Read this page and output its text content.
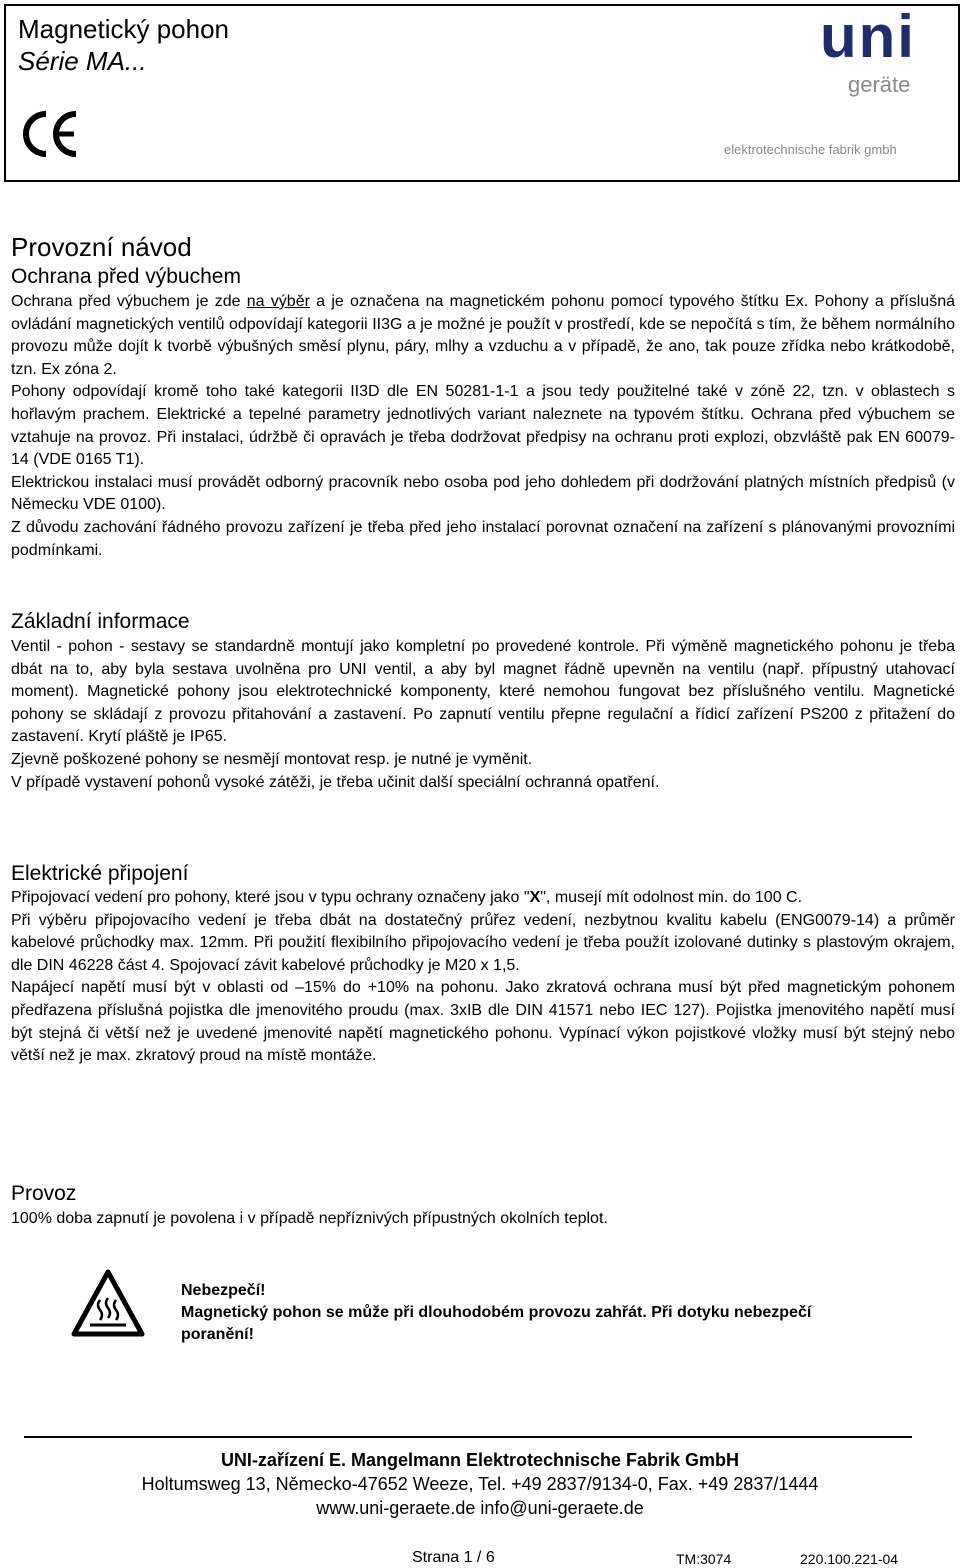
Magnetický pohon
Série MA...	uni
geräte
elektrotechnische fabrik gmbh
Provozní návod
Ochrana před výbuchem

Ochrana před výbuchem je zde na výběr a je označena na magnetickém pohonu pomocí typového štítku Ex. Pohony a příslušná ovládání magnetických ventilů odpovídají kategorii II3G a je možné je použít v prostředí, kde se nepočítá s tím, že během normálního provozu může dojít k tvorbě výbušných směsí plynu, páry, mlhy a vzduchu a v případě, že ano, tak pouze zřídka nebo krátkodobě, tzn. Ex zóna 2.

Pohony odpovídají kromě toho také kategorii II3D dle EN 50281-1-1 a jsou tedy použitelné také v zóně 22, tzn. v oblastech s hořlavým prachem. Elektrické a tepelné parametry jednotlivých variant naleznete na typovém štítku. Ochrana před výbuchem se vztahuje na provoz. Při instalaci, údržbě či opravách je třeba dodržovat předpisy na ochranu proti explozi, obzvláště pak EN 60079-14 (VDE 0165 T1).

Elektrickou instalaci musí provádět odborný pracovník nebo osoba pod jeho dohledem při dodržování platných místních předpisů (v Německu VDE 0100).

Z důvodu zachování řádného provozu zařízení je třeba před jeho instalací porovnat označení na zařízení s plánovanými provozními podmínkami.

Základní informace

Ventil - pohon - sestavy se standardně montují jako kompletní po provedené kontrole. Při výměně magnetického pohonu je třeba dbát na to, aby byla sestava uvolněna pro UNI ventil, a aby byl magnet řádně upevněn na ventilu (např. přípustný utahovací moment). Magnetické pohony jsou elektrotechnické komponenty, které nemohou fungovat bez příslušného ventilu. Magnetické pohony se skládají z provozu přitahování a zastavení. Po zapnutí ventilu přepne regulační a řídicí zařízení PS200 z přitažení do zastavení. Krytí pláště je IP65.

Zjevně poškozené pohony se nesmějí montovat resp. je nutné je vyměnit.

V případě vystavení pohonů vysoké zátěži, je třeba učinit další speciální ochranná opatření.

Elektrické připojení

Připojovací vedení pro pohony, které jsou v typu ochrany označeny jako "X", musejí mít odolnost min. do 100 C.

Při výběru připojovacího vedení je třeba dbát na dostatečný průřez vedení, nezbytnou kvalitu kabelu (ENG0079-14) a průměr kabelové průchodky max. 12mm. Při použití flexibilního připojovacího vedení je třeba použít izolované dutinky s plastovým okrajem, dle DIN 46228 část 4. Spojovací závit kabelové průchodky je M20 x 1,5.

Napájecí napětí musí být v oblasti od –15% do +10% na pohonu. Jako zkratová ochrana musí být před magnetickým pohonem předřazena příslušná pojistka dle jmenovitého proudu (max. 3xIB dle DIN 41571 nebo IEC 127). Pojistka jmenovitého napětí musí být stejná či větší než je uvedené jmenovité napětí magnetického pohonu. Vypínací výkon pojistkové vložky musí být stejný nebo větší než je max. zkratový proud na místě montáže.

Provoz

100% doba zapnutí je povolena i v případě nepříznivých přípustných okolních teplot.

Nebezpečí!
Magnetický pohon se může při dlouhodobém provozu zahřát. Při dotyku nebezpečí poranění!
UNI-zařízení E. Mangelmann Elektrotechnische Fabrik GmbH
Holtumsweg 13, Německo-47652 Weeze, Tel. +49 2837/9134-0, Fax. +49 2837/1444
www.uni-geraete.de info@uni-geraete.de
Strana 1 / 6	TM:3074	220.100.221-04
